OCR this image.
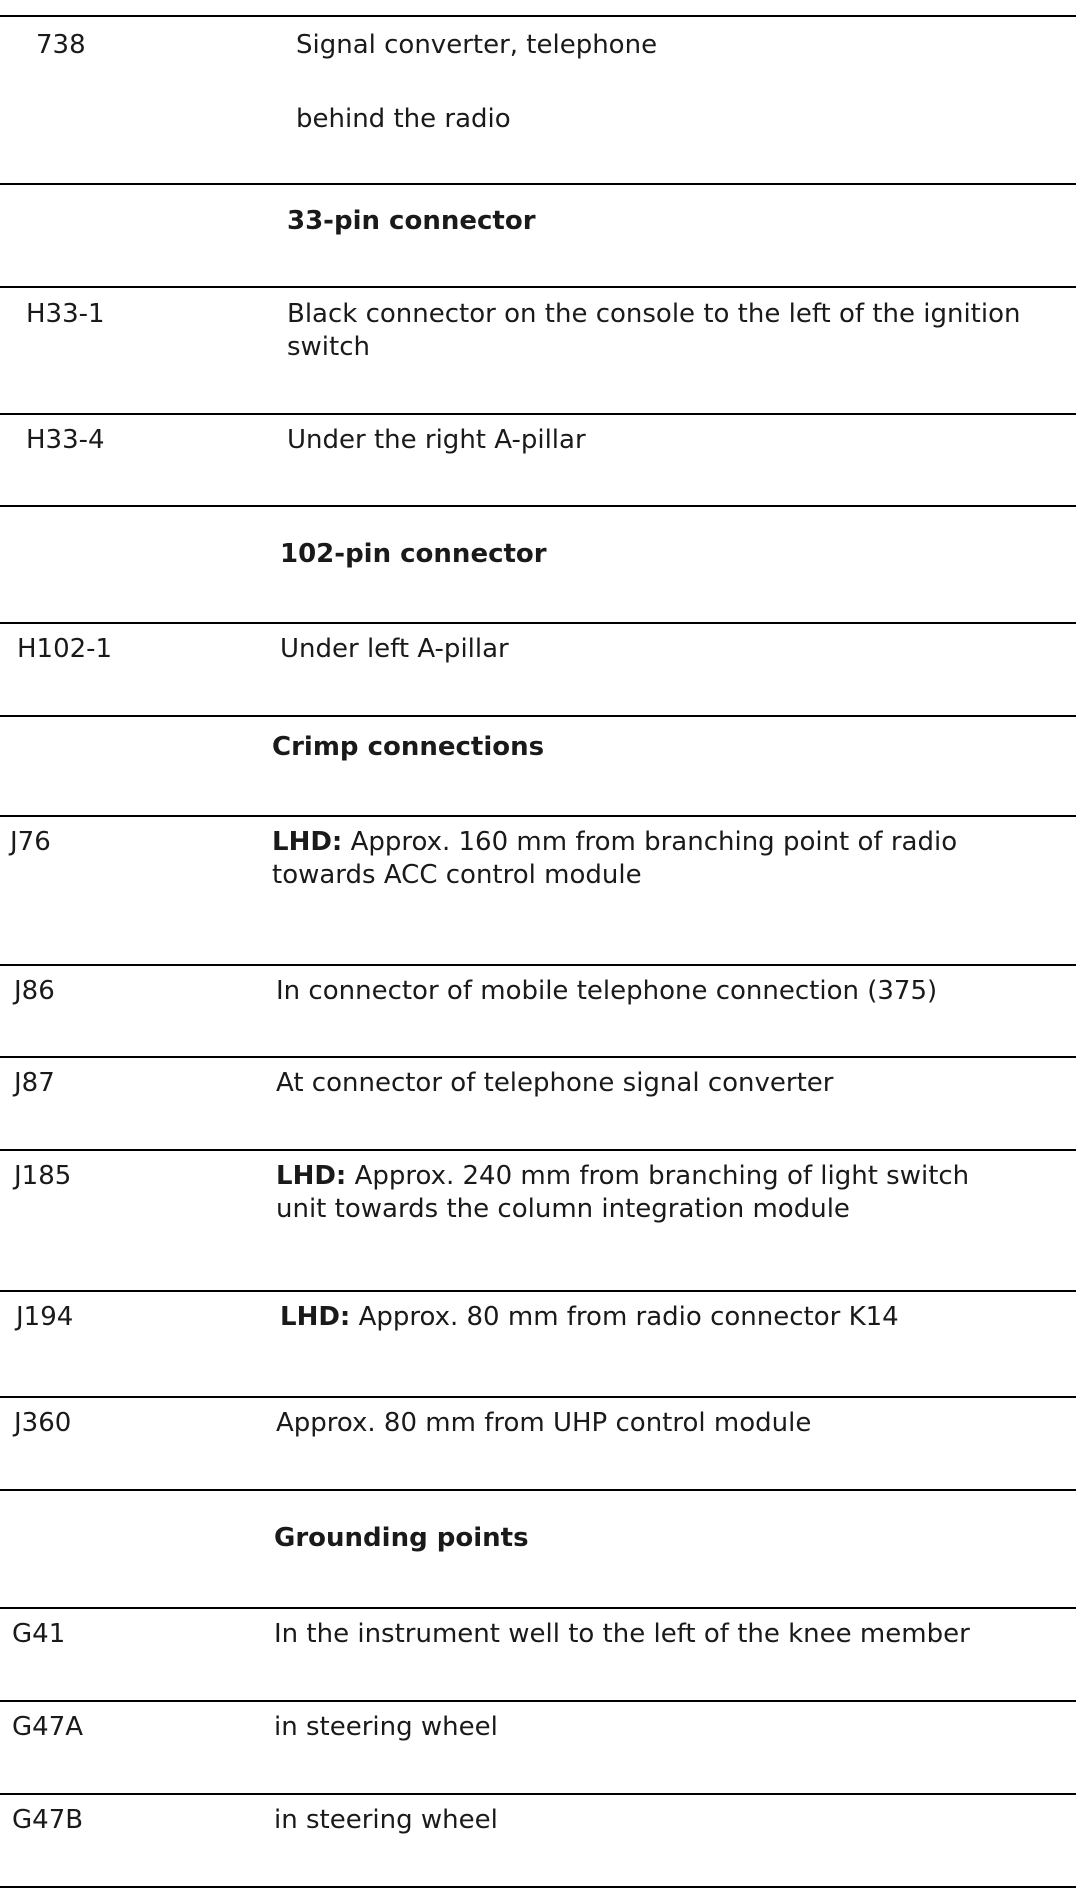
738	Signal converter, telephone
behind the radio
33-pin connector
H33-1	Black connector on the console to the left of the ignition
switch
H33-4	Under the right A-pillar
102-pin connector
H102-1	Under left A-pillar
Crimp connections
J76	LHD: Approx. 160 mm from branching point of radio
towards ACC control module
J86	In connector of mobile telephone connection (375)
J87	At connector of telephone signal converter
J185	LHD: Approx. 240 mm from branching of light switch
unit towards the column integration module
J194	LHD: Approx. 80 mm from radio connector K14
J360	Approx. 80 mm from UHP control module
Grounding points
G41	In the instrument well to the left of the knee member
G47A	in steering wheel
G47B	in steering wheel
